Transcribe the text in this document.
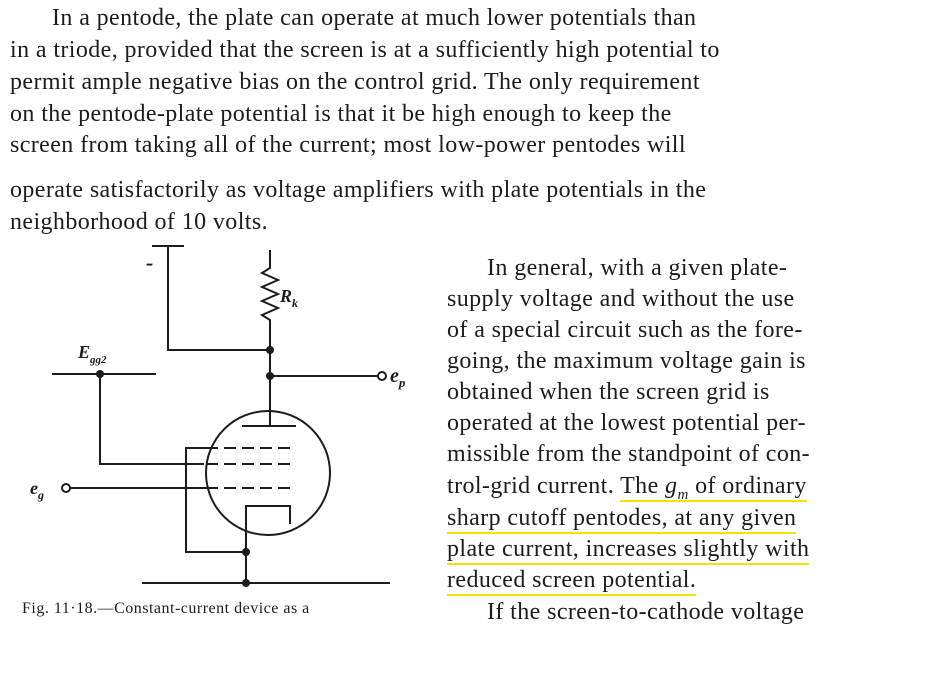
In a pentode, the plate can operate at much lower potentials than
in a triode, provided that the screen is at a sufficiently high potential to
permit ample negative bias on the control grid. The only requirement
on the pentode-plate potential is that it be high enough to keep the
screen from taking all of the current; most low-power pentodes will
operate satisfactorily as voltage amplifiers with plate potentials in the
neighborhood of 10 volts.
-
$R_k$
$E_{gg2}$
$e_p$
$e_g$
Fig. 11·18.—Constant-current device as a
In general, with a given plate-
supply voltage and without the use
of a special circuit such as the fore-
going, the maximum voltage gain is
obtained when the screen grid is
operated at the lowest potential per-
missible from the standpoint of con-
trol-grid current. The $g_m$ of ordinary
sharp cutoff pentodes, at any given
plate current, increases slightly with
reduced screen potential.
If the screen-to-cathode voltage
